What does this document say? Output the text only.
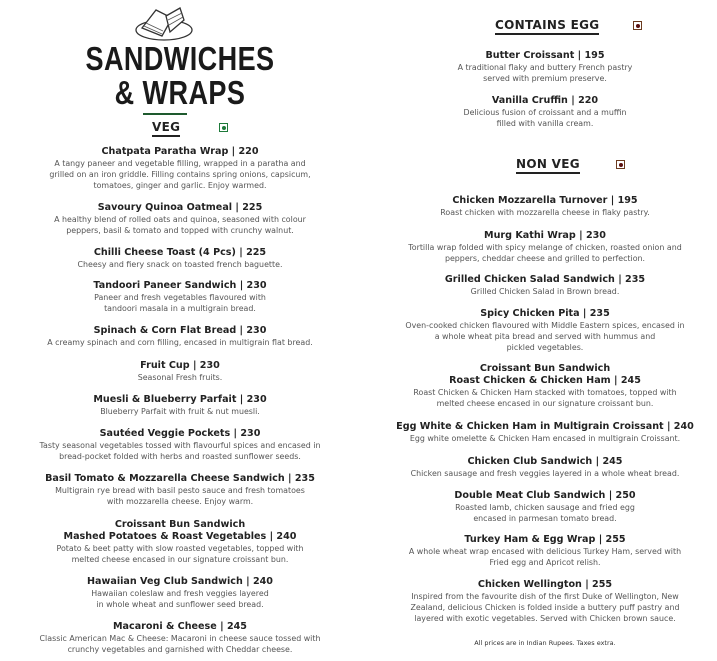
SANDWICHES
& WRAPS
VEG
CONTAINS EGG
NON VEG
Chatpata Paratha Wrap | 220
A tangy paneer and vegetable filling, wrapped in a paratha and
grilled on an iron griddle. Filling contains spring onions, capsicum,
tomatoes, ginger and garlic. Enjoy warmed.
Savoury Quinoa Oatmeal | 225
A healthy blend of rolled oats and quinoa, seasoned with colour
peppers, basil & tomato and topped with crunchy walnut.
Chilli Cheese Toast (4 Pcs) | 225
Cheesy and fiery snack on toasted french baguette.
Tandoori Paneer Sandwich | 230
Paneer and fresh vegetables flavoured with
tandoori masala in a multigrain bread.
Spinach & Corn Flat Bread | 230
A creamy spinach and corn filling, encased in multigrain flat bread.
Fruit Cup | 230
Seasonal Fresh fruits.
Muesli & Blueberry Parfait | 230
Blueberry Parfait with fruit & nut muesli.
Sautéed Veggie Pockets | 230
Tasty seasonal vegetables tossed with flavourful spices and encased in
bread-pocket folded with herbs and roasted sunflower seeds.
Basil Tomato & Mozzarella Cheese Sandwich | 235
Multigrain rye bread with basil pesto sauce and fresh tomatoes
with mozzarella cheese. Enjoy warm.
Croissant Bun Sandwich
Mashed Potatoes & Roast Vegetables | 240
Potato & beet patty with slow roasted vegetables, topped with
melted cheese encased in our signature croissant bun.
Hawaiian Veg Club Sandwich | 240
Hawaiian coleslaw and fresh veggies layered
in whole wheat and sunflower seed bread.
Macaroni & Cheese | 245
Classic American Mac & Cheese: Macaroni in cheese sauce tossed with
crunchy vegetables and garnished with Cheddar cheese.
Butter Croissant | 195
A traditional flaky and buttery French pastry
served with premium preserve.
Vanilla Cruffin | 220
Delicious fusion of croissant and a muffin
filled with vanilla cream.
Chicken Mozzarella Turnover | 195
Roast chicken with mozzarella cheese in flaky pastry.
Murg Kathi Wrap | 230
Tortilla wrap folded with spicy melange of chicken, roasted onion and
peppers, cheddar cheese and grilled to perfection.
Grilled Chicken Salad Sandwich | 235
Grilled Chicken Salad in Brown bread.
Spicy Chicken Pita | 235
Oven-cooked chicken flavoured with Middle Eastern spices, encased in
a whole wheat pita bread and served with hummus and
pickled vegetables.
Croissant Bun Sandwich
Roast Chicken & Chicken Ham | 245
Roast Chicken & Chicken Ham stacked with tomatoes, topped with
melted cheese encased in our signature croissant bun.
Egg White & Chicken Ham in Multigrain Croissant | 240
Egg white omelette & Chicken Ham encased in multigrain Croissant.
Chicken Club Sandwich | 245
Chicken sausage and fresh veggies layered in a whole wheat bread.
Double Meat Club Sandwich | 250
Roasted lamb, chicken sausage and fried egg
encased in parmesan tomato bread.
Turkey Ham & Egg Wrap | 255
A whole wheat wrap encased with delicious Turkey Ham, served with
Fried egg and Apricot relish.
Chicken Wellington | 255
Inspired from the favourite dish of the first Duke of Wellington, New
Zealand, delicious Chicken is folded inside a buttery puff pastry and
layered with exotic vegetables. Served with Chicken brown sauce.
All prices are in Indian Rupees. Taxes extra.
